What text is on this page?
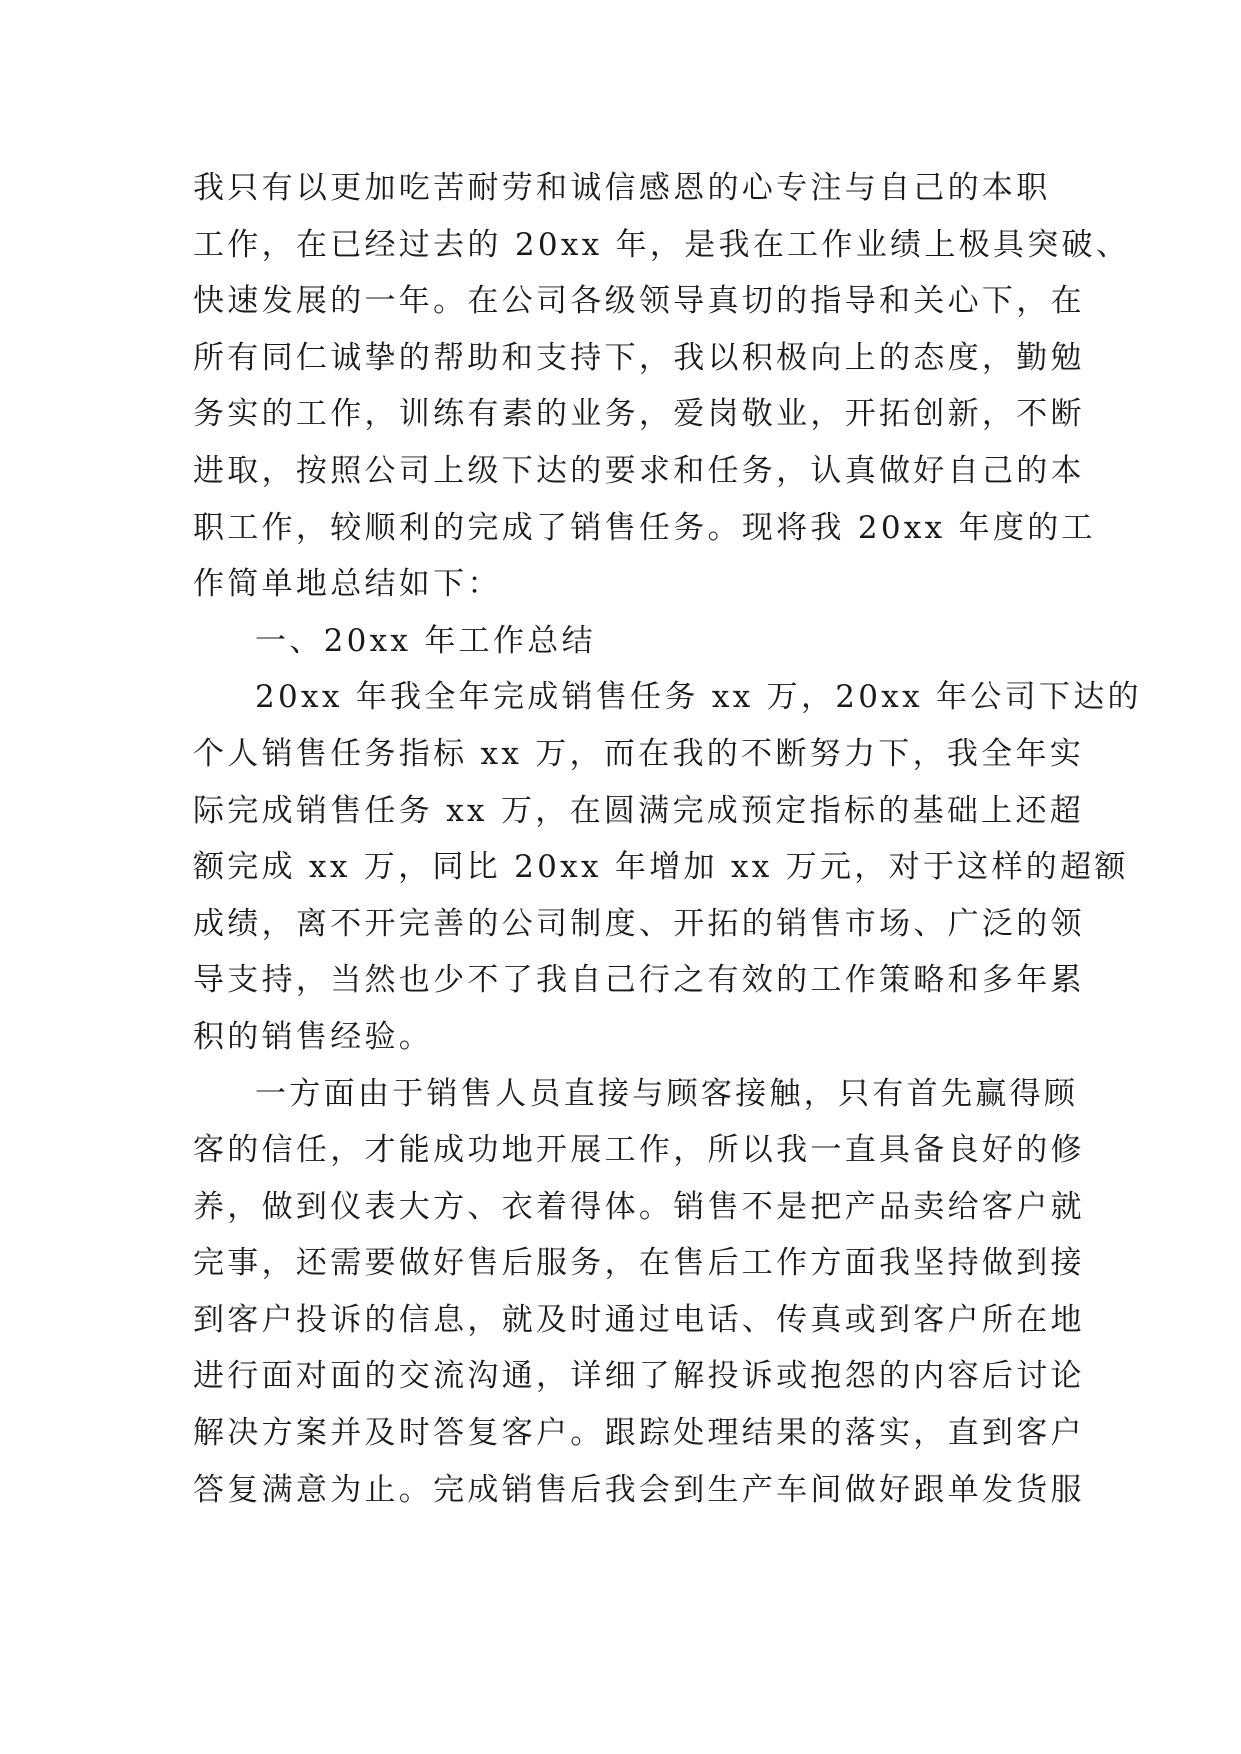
我只有以更加吃苦耐劳和诚信感恩的心专注与自己的本职
工作，在已经过去的 20xx 年，是我在工作业绩上极具突破、
快速发展的一年。在公司各级领导真切的指导和关心下，在
所有同仁诚挚的帮助和支持下，我以积极向上的态度，勤勉
务实的工作，训练有素的业务，爱岗敬业，开拓创新，不断
进取，按照公司上级下达的要求和任务，认真做好自己的本
职工作，较顺利的完成了销售任务。现将我 20xx 年度的工
作简单地总结如下：
一、20xx 年工作总结
20xx 年我全年完成销售任务 xx 万，20xx 年公司下达的
个人销售任务指标 xx 万，而在我的不断努力下，我全年实
际完成销售任务 xx 万，在圆满完成预定指标的基础上还超
额完成 xx 万，同比 20xx 年增加 xx 万元，对于这样的超额
成绩，离不开完善的公司制度、开拓的销售市场、广泛的领
导支持，当然也少不了我自己行之有效的工作策略和多年累
积的销售经验。
一方面由于销售人员直接与顾客接触，只有首先赢得顾
客的信任，才能成功地开展工作，所以我一直具备良好的修
养，做到仪表大方、衣着得体。销售不是把产品卖给客户就
完事，还需要做好售后服务，在售后工作方面我坚持做到接
到客户投诉的信息，就及时通过电话、传真或到客户所在地
进行面对面的交流沟通，详细了解投诉或抱怨的内容后讨论
解决方案并及时答复客户。跟踪处理结果的落实，直到客户
答复满意为止。完成销售后我会到生产车间做好跟单发货服
